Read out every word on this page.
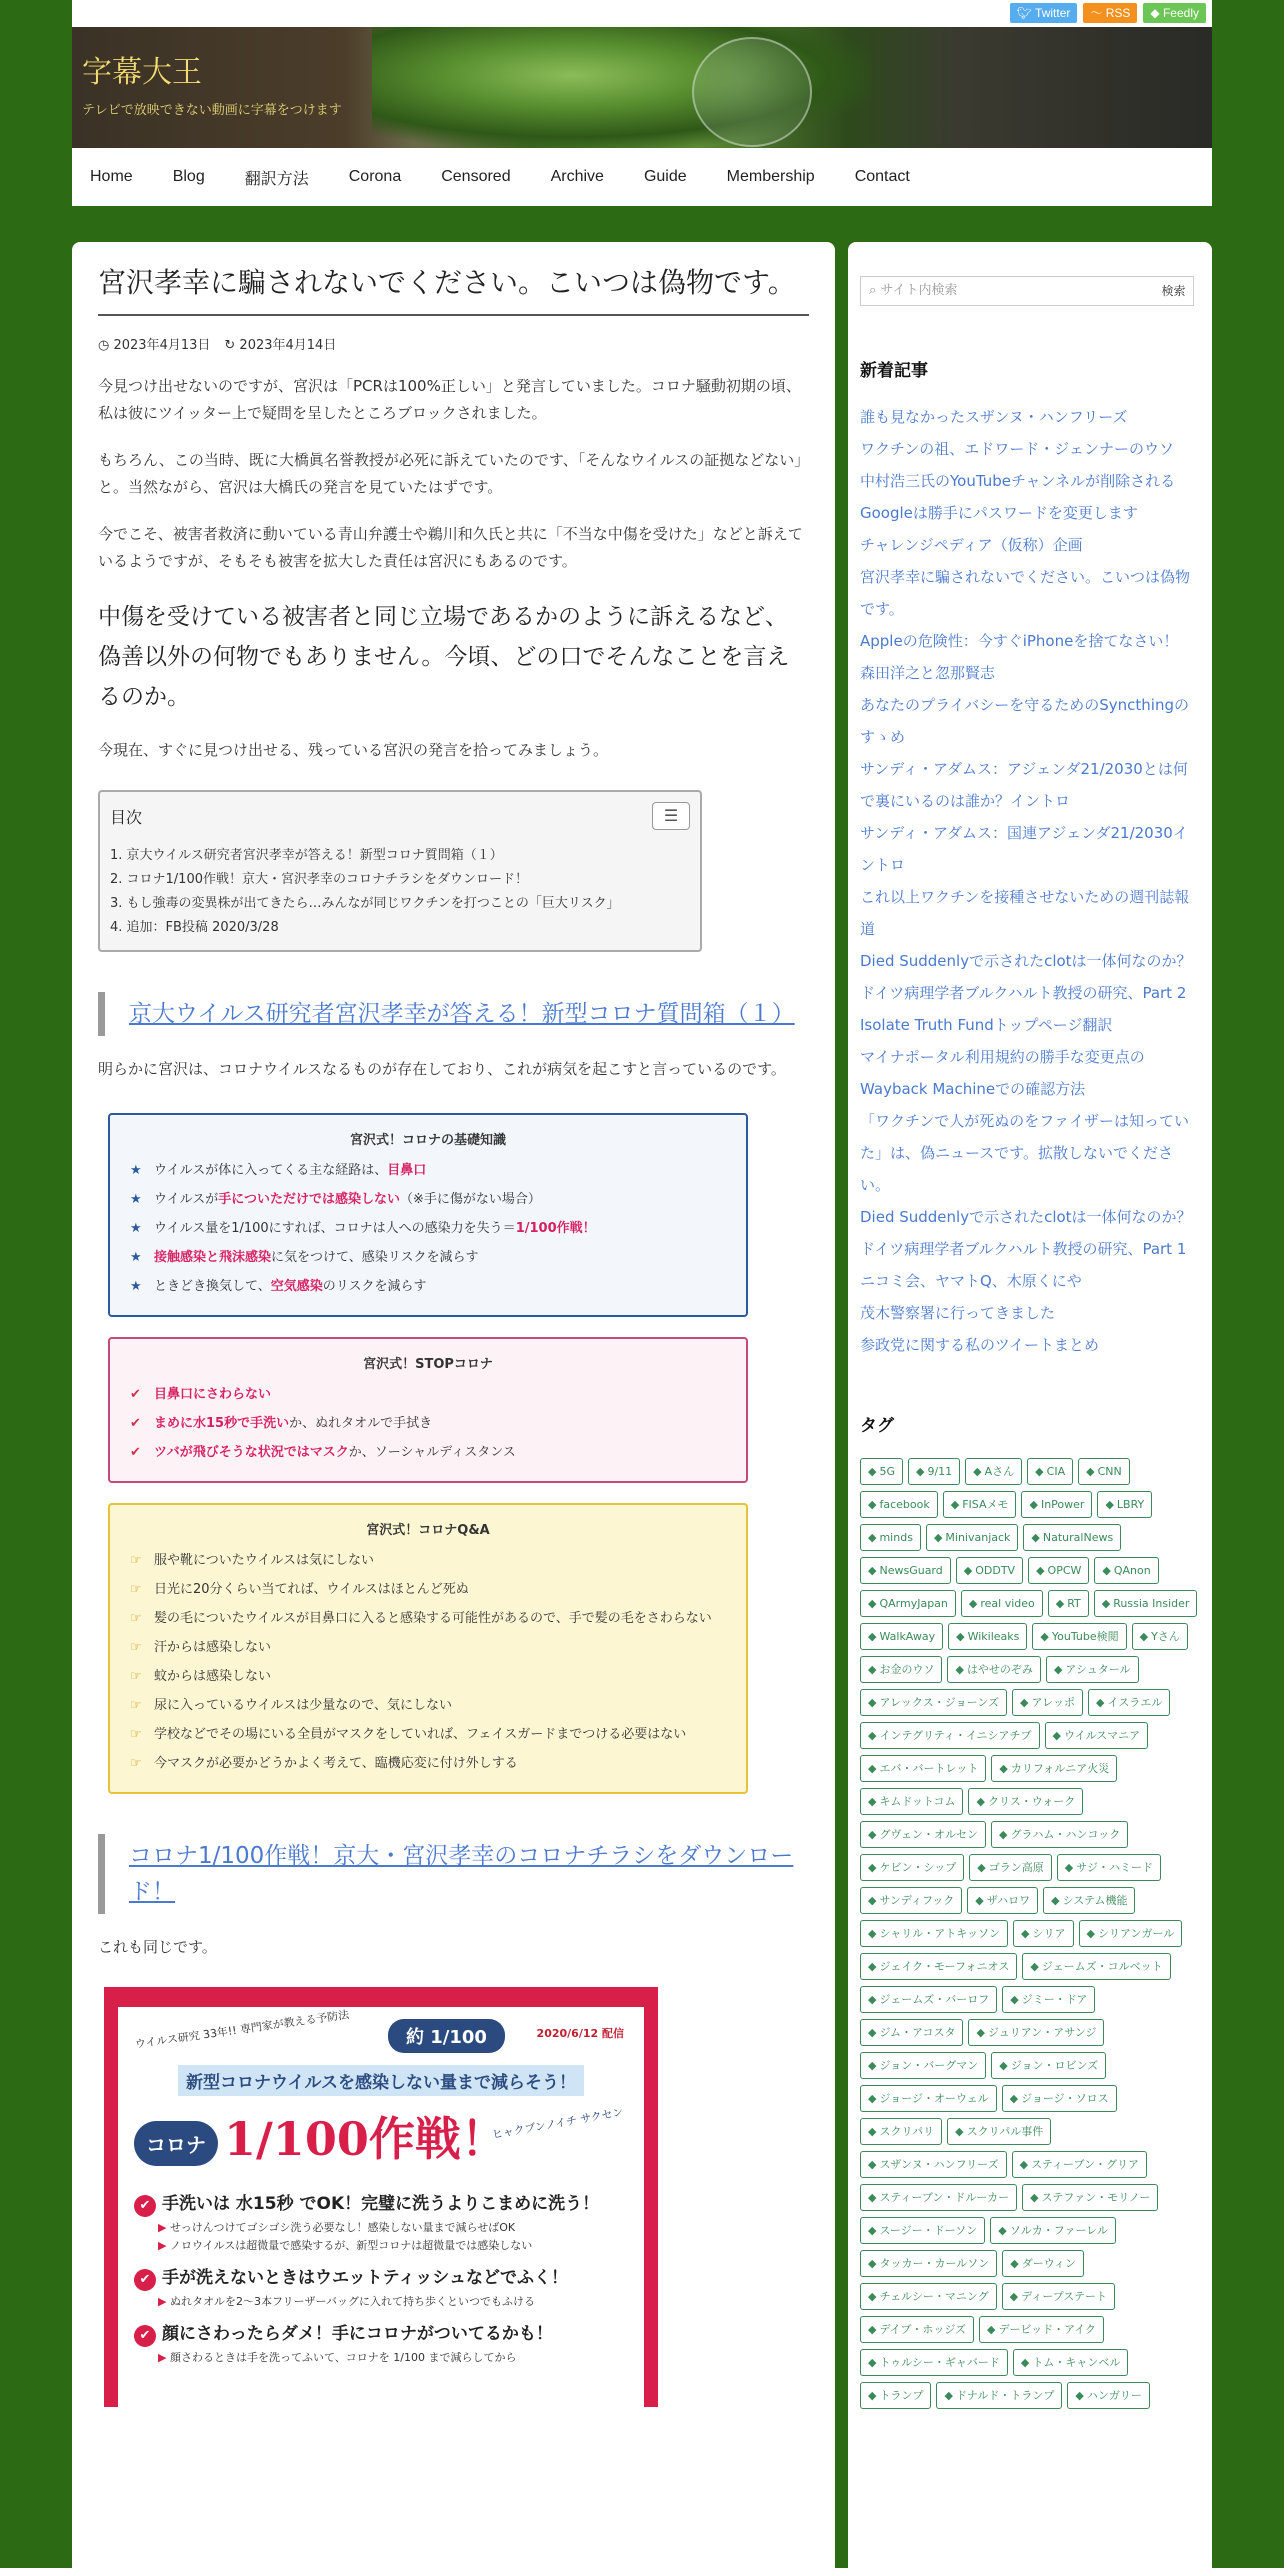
🐦︎ Twitter	〜 RSS	◆ Feedly
字幕大王
テレビで放映できない動画に字幕をつけます
Home	Blog	翻訳方法	Corona	Censored	Archive	Guide	Membership	Contact
宮沢孝幸に騙されないでください。こいつは偽物です。
◷ 2023年4月13日 ↻ 2023年4月14日

今見つけ出せないのですが、宮沢は「PCRは100%正しい」と発言していました。コロナ騒動初期の頃、私は彼にツイッター上で疑問を呈したところブロックされました。

もちろん、この当時、既に大橋眞名誉教授が必死に訴えていたのです、「そんなウイルスの証拠などない」と。当然ながら、宮沢は大橋氏の発言を見ていたはずです。

今でこそ、被害者救済に動いている青山弁護士や鵜川和久氏と共に「不当な中傷を受けた」などと訴えているようですが、そもそも被害を拡大した責任は宮沢にもあるのです。

中傷を受けている被害者と同じ立場であるかのように訴えるなど、偽善以外の何物でもありません。今頃、どの口でそんなことを言えるのか。

今現在、すぐに見つけ出せる、残っている宮沢の発言を拾ってみましょう。

目次	☰
1. 京大ウイルス研究者宮沢孝幸が答える！新型コロナ質問箱（１）
2. コロナ1/100作戦！京大・宮沢孝幸のコロナチラシをダウンロード！
3. もし強毒の変異株が出てきたら…みんなが同じワクチンを打つことの「巨大リスク」
4. 追加：FB投稿 2020/3/28
京大ウイルス研究者宮沢孝幸が答える！新型コロナ質問箱（１）

明らかに宮沢は、コロナウイルスなるものが存在しており、これが病気を起こすと言っているのです。

宮沢式！コロナの基礎知識
★ ウイルスが体に入ってくる主な経路は、目鼻口
★ ウイルスが手についただけでは感染しない（※手に傷がない場合）
★ ウイルス量を1/100にすれば、コロナは人への感染力を失う＝1/100作戦！
★ 接触感染と飛沫感染に気をつけて、感染リスクを減らす
★ ときどき換気して、空気感染のリスクを減らす
宮沢式！STOPコロナ
✔ 目鼻口にさわらない
✔ まめに水15秒で手洗いか、ぬれタオルで手拭き
✔ ツバが飛びそうな状況ではマスクか、ソーシャルディスタンス
宮沢式！コロナQ&A
☞ 服や靴についたウイルスは気にしない
☞ 日光に20分くらい当てれば、ウイルスはほとんど死ぬ
☞ 髪の毛についたウイルスが目鼻口に入ると感染する可能性があるので、手で髪の毛をさわらない
☞ 汗からは感染しない
☞ 蚊からは感染しない
☞ 尿に入っているウイルスは少量なので、気にしない
☞ 学校などでその場にいる全員がマスクをしていれば、フェイスガードまでつける必要はない
☞ 今マスクが必要かどうかよく考えて、臨機応変に付け外しする
コロナ1/100作戦！京大・宮沢孝幸のコロナチラシをダウンロード！

これも同じです。

ウイルス研究 33年!! 専門家が教える予防法	約 1/100	2020/6/12 配信
新型コロナウイルスを感染しない量まで減らそう！
コロナ 1/100作戦！
ヒャクブンノイチ サクセン
✔ 手洗いは 水15秒 でOK！完璧に洗うよりこまめに洗う！
▶ せっけんつけてゴシゴシ洗う必要なし！感染しない量まで減らせばOK
▶ ノロウイルスは超微量で感染するが、新型コロナは超微量では感染しない
✔ 手が洗えないときはウエットティッシュなどでふく！
▶ ぬれタオルを2〜3本フリーザーバッグに入れて持ち歩くといつでもふける
✔ 顔にさわったらダメ！手にコロナがついてるかも！
▶ 顔さわるときは手を洗ってふいて、コロナを 1/100 まで減らしてから
⌕ サイト内検索	検索
新着記事
誰も見なかったスザンヌ・ハンフリーズ
ワクチンの祖、エドワード・ジェンナーのウソ
中村浩三氏のYouTubeチャンネルが削除される
Googleは勝手にパスワードを変更します
チャレンジペディア（仮称）企画
宮沢孝幸に騙されないでください。こいつは偽物です。
Appleの危険性：今すぐiPhoneを捨てなさい！
森田洋之と忽那賢志
あなたのプライバシーを守るためのSyncthingのすゝめ
サンディ・アダムス：アジェンダ21/2030とは何で裏にいるのは誰か？イントロ
サンディ・アダムス：国連アジェンダ21/2030イントロ
これ以上ワクチンを接種させないための週刊誌報道
Died Suddenlyで示されたclotは一体何なのか？ドイツ病理学者ブルクハルト教授の研究、Part 2
Isolate Truth Fundトップページ翻訳
マイナポータル利用規約の勝手な変更点のWayback Machineでの確認方法
「ワクチンで人が死ぬのをファイザーは知っていた」は、偽ニュースです。拡散しないでください。
Died Suddenlyで示されたclotは一体何なのか？ドイツ病理学者ブルクハルト教授の研究、Part 1
ニコミ会、ヤマトQ、木原くにや
茂木警察署に行ってきました
参政党に関する私のツイートまとめ
タグ
◆ 5G	◆ 9/11	◆ Aさん	◆ CIA	◆ CNN
◆ facebook	◆ FISAメモ	◆ InPower	◆ LBRY
◆ minds	◆ Minivanjack	◆ NaturalNews
◆ NewsGuard	◆ ODDTV	◆ OPCW	◆ QAnon
◆ QArmyJapan	◆ real video	◆ RT	◆ Russia Insider
◆ WalkAway	◆ Wikileaks	◆ YouTube検閲	◆ Yさん
◆ お金のウソ	◆ はやせのぞみ	◆ アシュタール
◆ アレックス・ジョーンズ	◆ アレッポ	◆ イスラエル
◆ インテグリティ・イニシアチブ	◆ ウイルスマニア
◆ エバ・バートレット	◆ カリフォルニア火災
◆ キムドットコム	◆ クリス・ウォーク
◆ グヴェン・オルセン	◆ グラハム・ハンコック
◆ ケビン・シップ	◆ ゴラン高原	◆ サジ・ハミード
◆ サンディフック	◆ ザハロワ	◆ システム機能
◆ シャリル・アトキッソン	◆ シリア	◆ シリアンガール
◆ ジェイク・モーフォニオス	◆ ジェームズ・コルベット
◆ ジェームズ・バーロフ	◆ ジミー・ドア
◆ ジム・アコスタ	◆ ジュリアン・アサンジ
◆ ジョン・バーグマン	◆ ジョン・ロビンズ
◆ ジョージ・オーウェル	◆ ジョージ・ソロス
◆ スクリパリ	◆ スクリパル事件
◆ スザンヌ・ハンフリーズ	◆ スティーブン・グリア
◆ スティーブン・ドルーカー	◆ ステファン・モリノー
◆ スージー・ドーソン	◆ ソルカ・ファーレル
◆ タッカー・カールソン	◆ ダーウィン
◆ チェルシー・マニング	◆ ディープステート
◆ デイブ・ホッジズ	◆ デービッド・アイク
◆ トゥルシー・ギャバード	◆ トム・キャンベル
◆ トランプ	◆ ドナルド・トランプ	◆ ハンガリー
